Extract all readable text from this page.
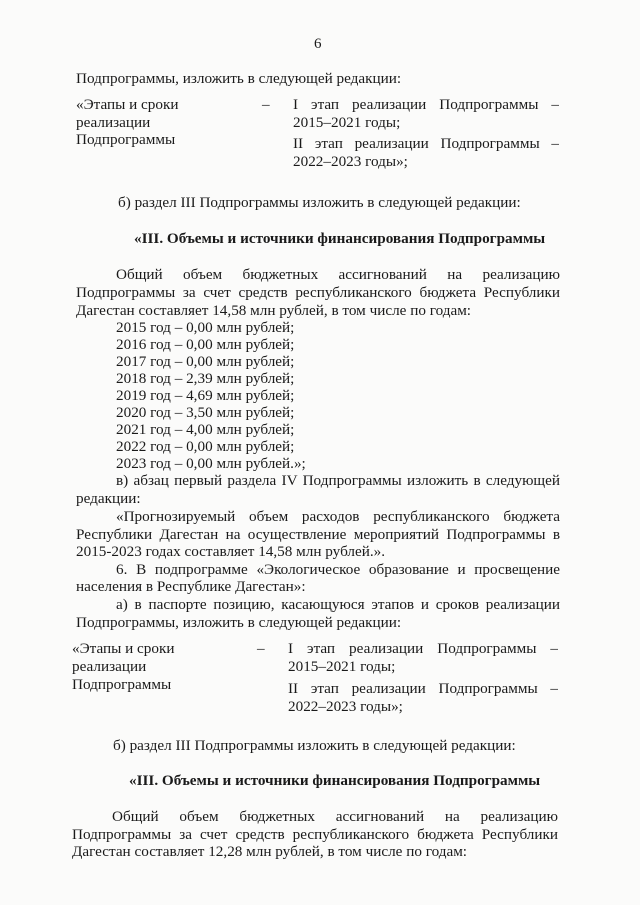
6
Подпрограммы, изложить в следующей редакции:
«Этапы и сроки
реализации
Подпрограммы
– I этап реализации Подпрограммы –
2015–2021 годы;
II этап реализации Подпрограммы –
2022–2023 годы»;
б) раздел III Подпрограммы изложить в следующей редакции:
«III. Объемы и источники финансирования Подпрограммы
Общий объем бюджетных ассигнований на реализацию
Подпрограммы за счет средств республиканского бюджета Республики
Дагестан составляет 14,58 млн рублей, в том числе по годам:
2015 год – 0,00 млн рублей;
2016 год – 0,00 млн рублей;
2017 год – 0,00 млн рублей;
2018 год – 2,39 млн рублей;
2019 год – 4,69 млн рублей;
2020 год – 3,50 млн рублей;
2021 год – 4,00 млн рублей;
2022 год – 0,00 млн рублей;
2023 год – 0,00 млн рублей.»;
в) абзац первый раздела IV Подпрограммы изложить в следующей
редакции:
«Прогнозируемый объем расходов республиканского бюджета
Республики Дагестан на осуществление мероприятий Подпрограммы в
2015-2023 годах составляет 14,58 млн рублей.».
6. В подпрограмме «Экологическое образование и просвещение
населения в Республике Дагестан»:
а) в паспорте позицию, касающуюся этапов и сроков реализации
Подпрограммы, изложить в следующей редакции:
«Этапы и сроки
реализации
Подпрограммы
– I этап реализации Подпрограммы –
2015–2021 годы;
II этап реализации Подпрограммы –
2022–2023 годы»;
б) раздел III Подпрограммы изложить в следующей редакции:
«III. Объемы и источники финансирования Подпрограммы
Общий объем бюджетных ассигнований на реализацию
Подпрограммы за счет средств республиканского бюджета Республики
Дагестан составляет 12,28 млн рублей, в том числе по годам:
